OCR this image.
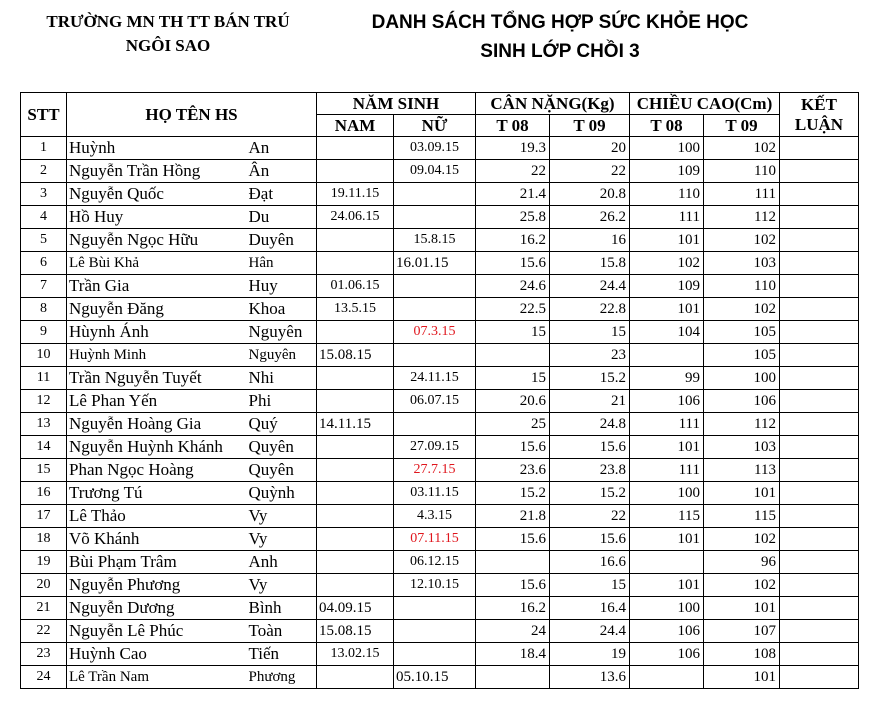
TRƯỜNG MN TH TT BÁN TRÚ
NGÔI SAO
DANH SÁCH TỔNG HỢP SỨC KHỎE HỌC
SINH LỚP CHỒI 3
STT	HỌ TÊN HS		NĂM SINH		CÂN NẶNG(Kg)		CHIỀU CAO(Cm)		KẾT
LUẬN

			NAM	NỮ	T 08	T 09	T 08	T 09	
1	Huỳnh	An		03.09.15	19.3	20	100	102	
2	Nguyễn Trần Hồng	Ân		09.04.15	22	22	109	110	
3	Nguyễn Quốc	Đạt	19.11.15		21.4	20.8	110	111	
4	Hồ Huy	Du	24.06.15		25.8	26.2	111	112	
5	Nguyễn Ngọc Hữu	Duyên		15.8.15	16.2	16	101	102	
6	Lê Bùi Khả	Hân		16.01.15	15.6	15.8	102	103	
7	Trần Gia	Huy	01.06.15		24.6	24.4	109	110	
8	Nguyễn Đăng	Khoa	13.5.15		22.5	22.8	101	102	
9	Hùynh Ánh	Nguyên		07.3.15	15	15	104	105	
10	Huỳnh Minh	Nguyên	15.08.15			23		105	
11	Trần Nguyễn Tuyết	Nhi		24.11.15	15	15.2	99	100	
12	Lê Phan Yến	Phi		06.07.15	20.6	21	106	106	
13	Nguyễn Hoàng Gia	Quý	14.11.15		25	24.8	111	112	
14	Nguyễn Huỳnh Khánh	Quyên		27.09.15	15.6	15.6	101	103	
15	Phan Ngọc Hoàng	Quyên		27.7.15	23.6	23.8	111	113	
16	Trương Tú	Quỳnh		03.11.15	15.2	15.2	100	101	
17	Lê Thảo	Vy		4.3.15	21.8	22	115	115	
18	Võ Khánh	Vy		07.11.15	15.6	15.6	101	102	
19	Bùi Phạm Trâm	Anh		06.12.15		16.6		96	
20	Nguyễn Phương	Vy		12.10.15	15.6	15	101	102	
21	Nguyễn Dương	Bình	04.09.15		16.2	16.4	100	101	
22	Nguyễn Lê Phúc	Toàn	15.08.15		24	24.4	106	107	
23	Huỳnh Cao	Tiến	13.02.15		18.4	19	106	108	
24	Lê Trần Nam	Phương		05.10.15		13.6		101	
